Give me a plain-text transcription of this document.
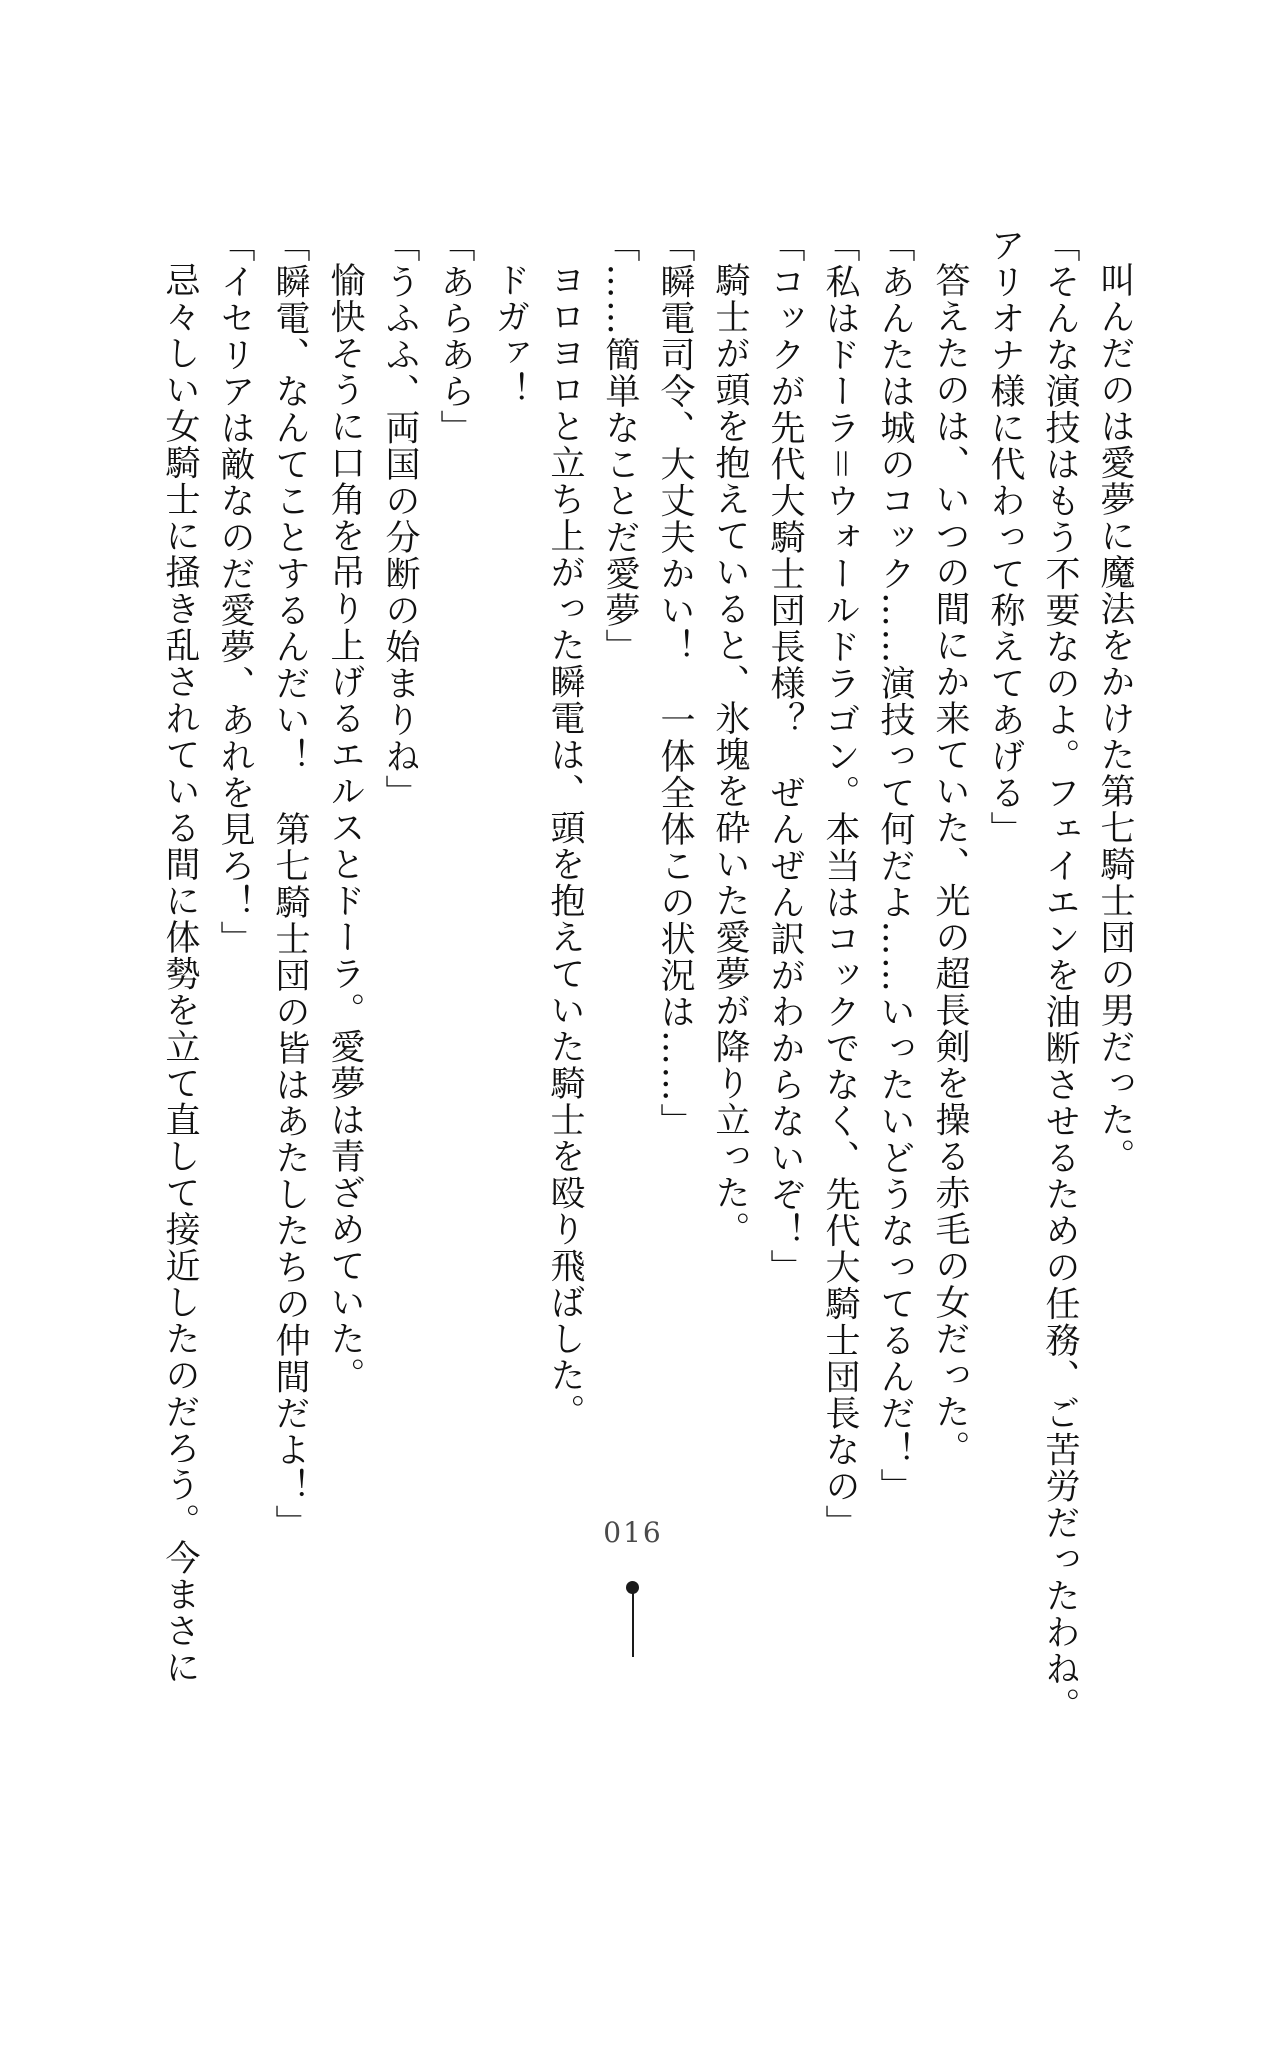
叫んだのは愛夢に魔法をかけた第七騎士団の男だった。

「そんな演技はもう不要なのよ。フェイエンを油断させるための任務、ご苦労だったわね。アリオナ様に代わって称えてあげる」

答えたのは、いつの間にか来ていた、光の超長剣を操る赤毛の女だった。

「あんたは城のコック……演技って何だよ……いったいどうなってるんだ！」

「私はドーラ＝ウォールドラゴン。本当はコックでなく、先代大騎士団長なの」

「コックが先代大騎士団長様？　ぜんぜん訳がわからないぞ！」

騎士が頭を抱えていると、氷塊を砕いた愛夢が降り立った。

「瞬電司令、大丈夫かい！　一体全体この状況は……」

「……簡単なことだ愛夢」

ヨロヨロと立ち上がった瞬電は、頭を抱えていた騎士を殴り飛ばした。

ドガァ！

「あらあら」

「うふふ、両国の分断の始まりね」

愉快そうに口角を吊り上げるエルスとドーラ。愛夢は青ざめていた。

「瞬電、なんてことするんだい！　第七騎士団の皆はあたしたちの仲間だよ！」

「イセリアは敵なのだ愛夢、あれを見ろ！」

忌々しい女騎士に掻き乱されている間に体勢を立て直して接近したのだろう。今まさに	016
